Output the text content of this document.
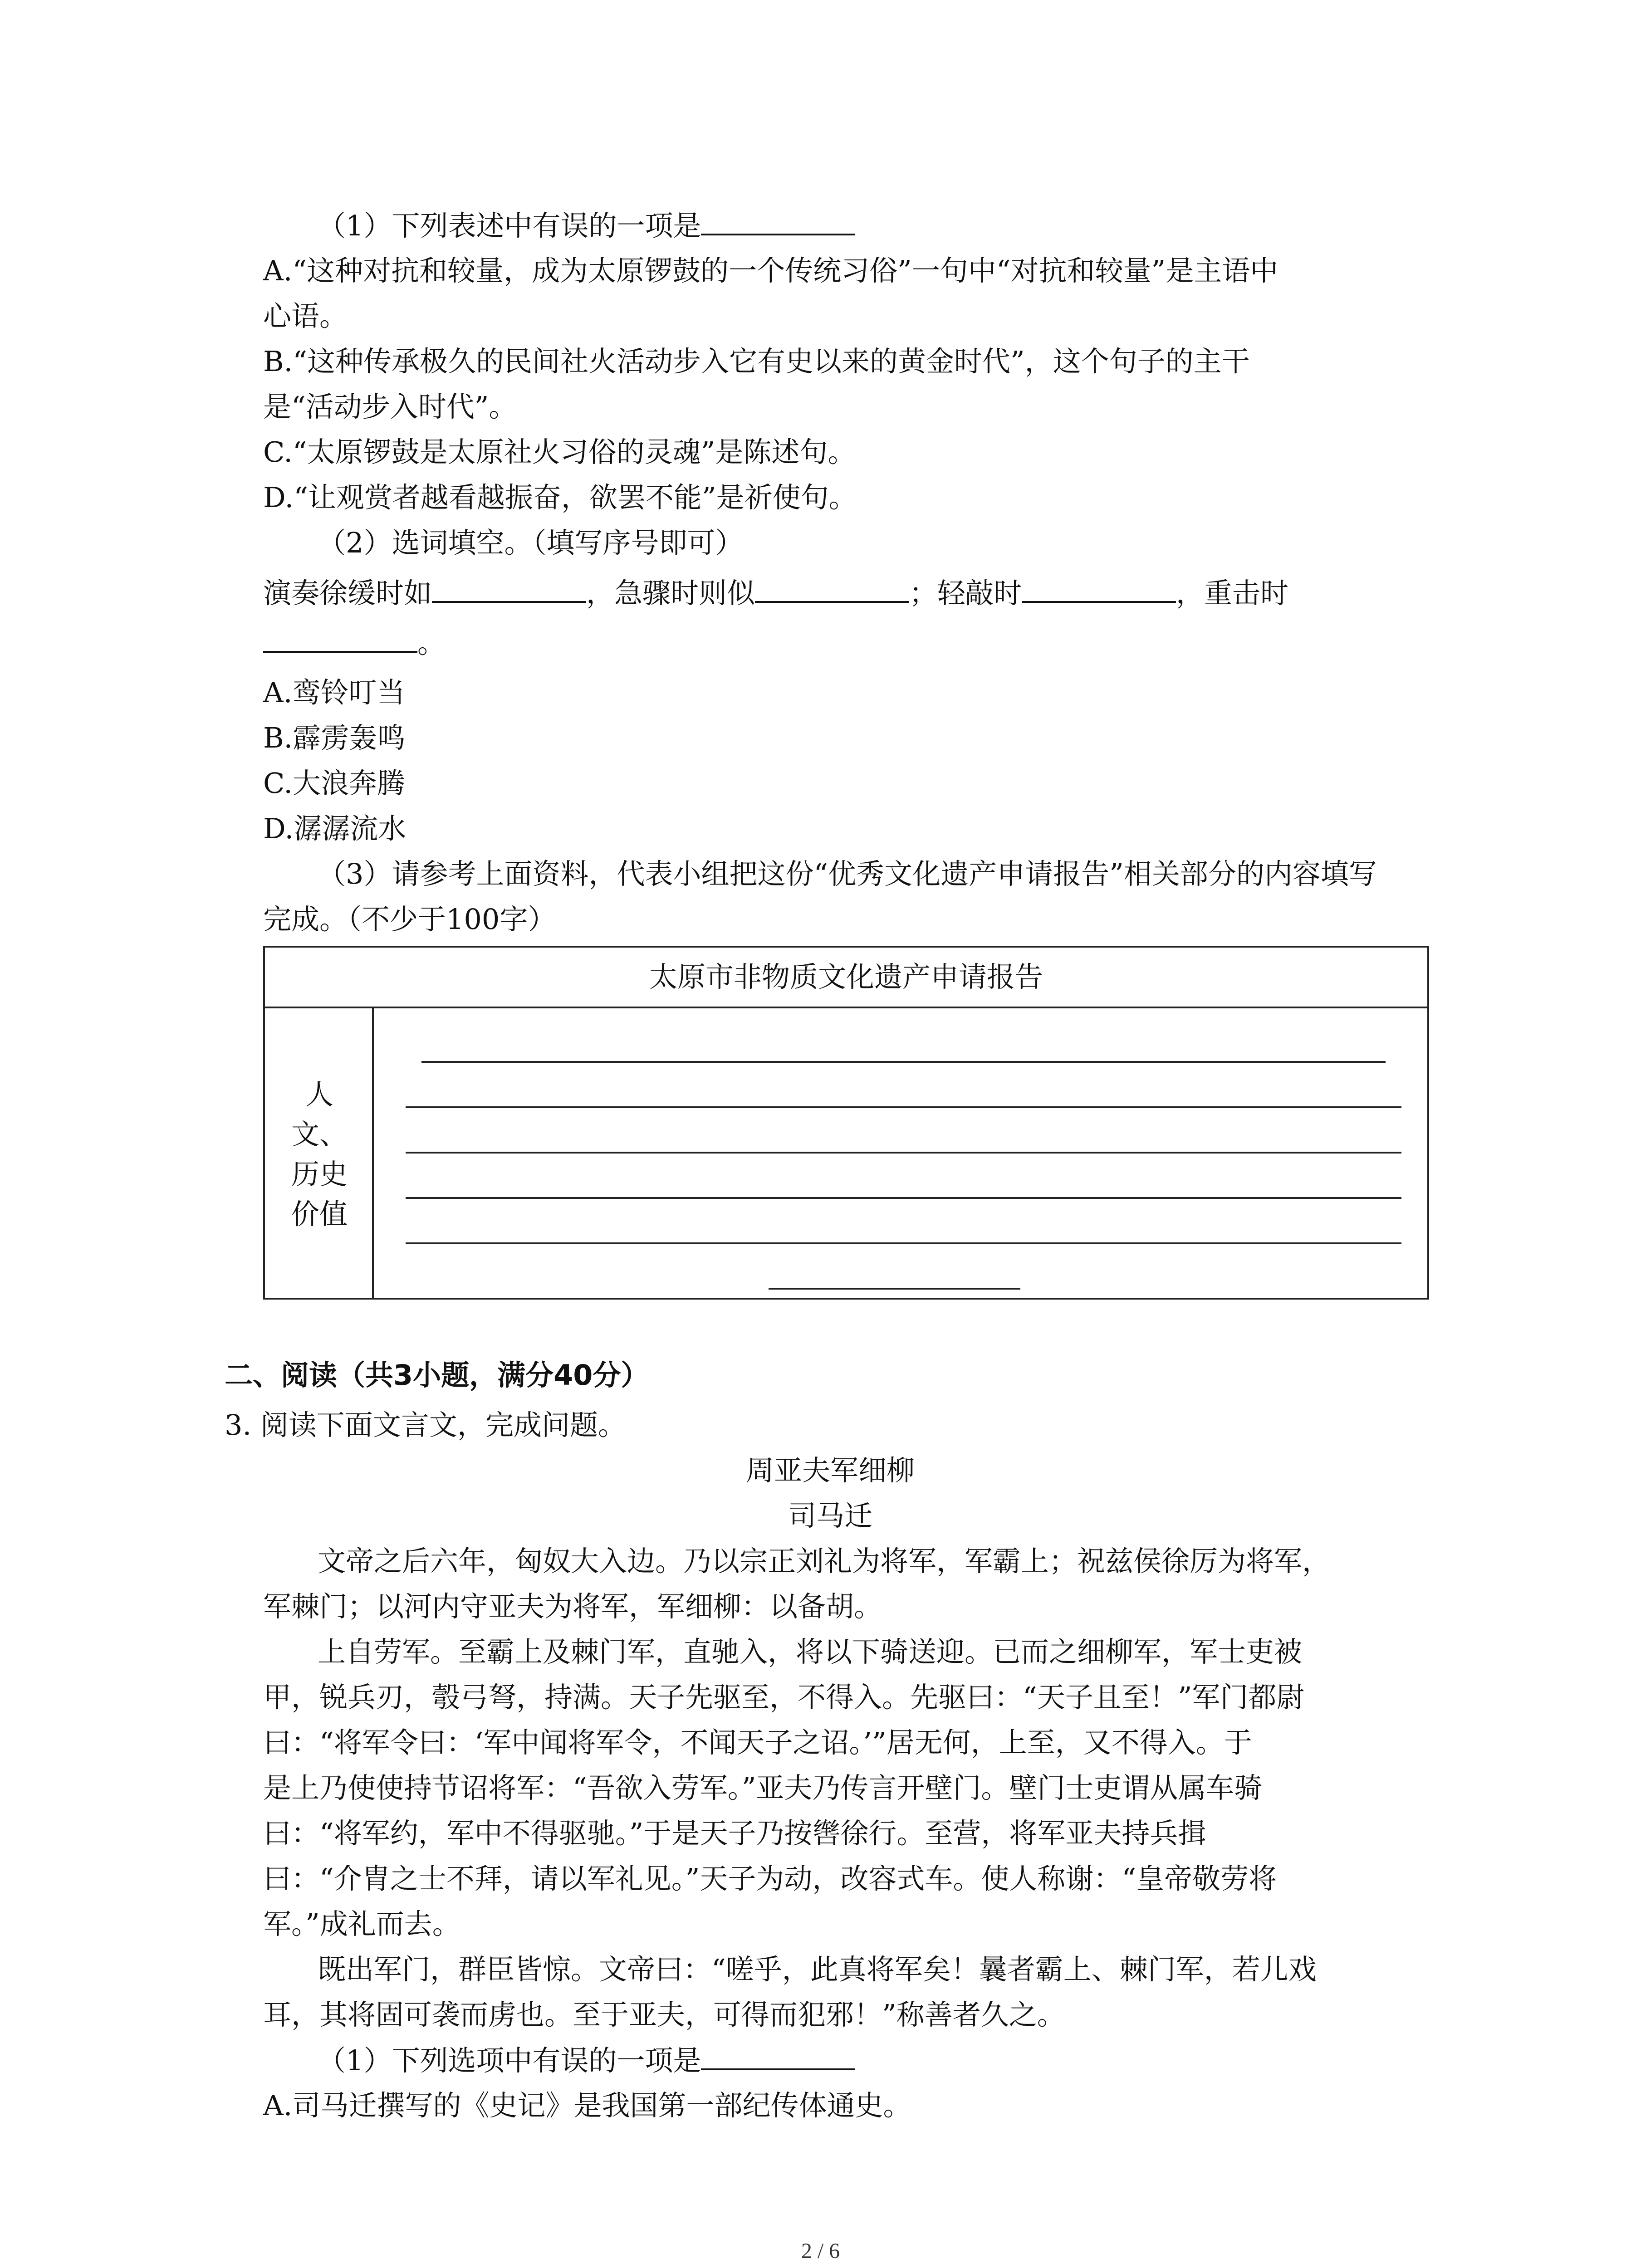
（1）下列表述中有误的一项是
A.“这种对抗和较量，成为太原锣鼓的一个传统习俗”一句中“对抗和较量”是主语中
心语。
B.“这种传承极久的民间社火活动步入它有史以来的黄金时代”，这个句子的主干
是“活动步入时代”。
C.“太原锣鼓是太原社火习俗的灵魂”是陈述句。
D.“让观赏者越看越振奋，欲罢不能”是祈使句。
（2）选词填空。（填写序号即可）
演奏徐缓时如	，急骤时则似	；轻敲时	，重击时
。
A.鸾铃叮当
B.霹雳轰鸣
C.大浪奔腾
D.潺潺流水
（3）请参考上面资料，代表小组把这份“优秀文化遗产申请报告”相关部分的内容填写
完成。（不少于100字）
太原市非物质文化遗产申请报告
人
文、
历史
价值
二、阅读（共3小题，满分40分）
3. 阅读下面文言文，完成问题。
周亚夫军细柳
司马迁
文帝之后六年，匈奴大入边。乃以宗正刘礼为将军，军霸上；祝兹侯徐厉为将军，
军棘门；以河内守亚夫为将军，军细柳：以备胡。
上自劳军。至霸上及棘门军，直驰入，将以下骑送迎。已而之细柳军，军士吏被
甲，锐兵刃，彀弓弩，持满。天子先驱至，不得入。先驱曰：“天子且至！”军门都尉
曰：“将军令曰：‘军中闻将军令，不闻天子之诏。’”居无何，上至，又不得入。于
是上乃使使持节诏将军：“吾欲入劳军。”亚夫乃传言开壁门。壁门士吏谓从属车骑
曰：“将军约，军中不得驱驰。”于是天子乃按辔徐行。至营，将军亚夫持兵揖
曰：“介胄之士不拜，请以军礼见。”天子为动，改容式车。使人称谢：“皇帝敬劳将
军。”成礼而去。
既出军门，群臣皆惊。文帝曰：“嗟乎，此真将军矣！曩者霸上、棘门军，若儿戏
耳，其将固可袭而虏也。至于亚夫，可得而犯邪！”称善者久之。
（1）下列选项中有误的一项是
A.司马迁撰写的《史记》是我国第一部纪传体通史。
2 / 6
